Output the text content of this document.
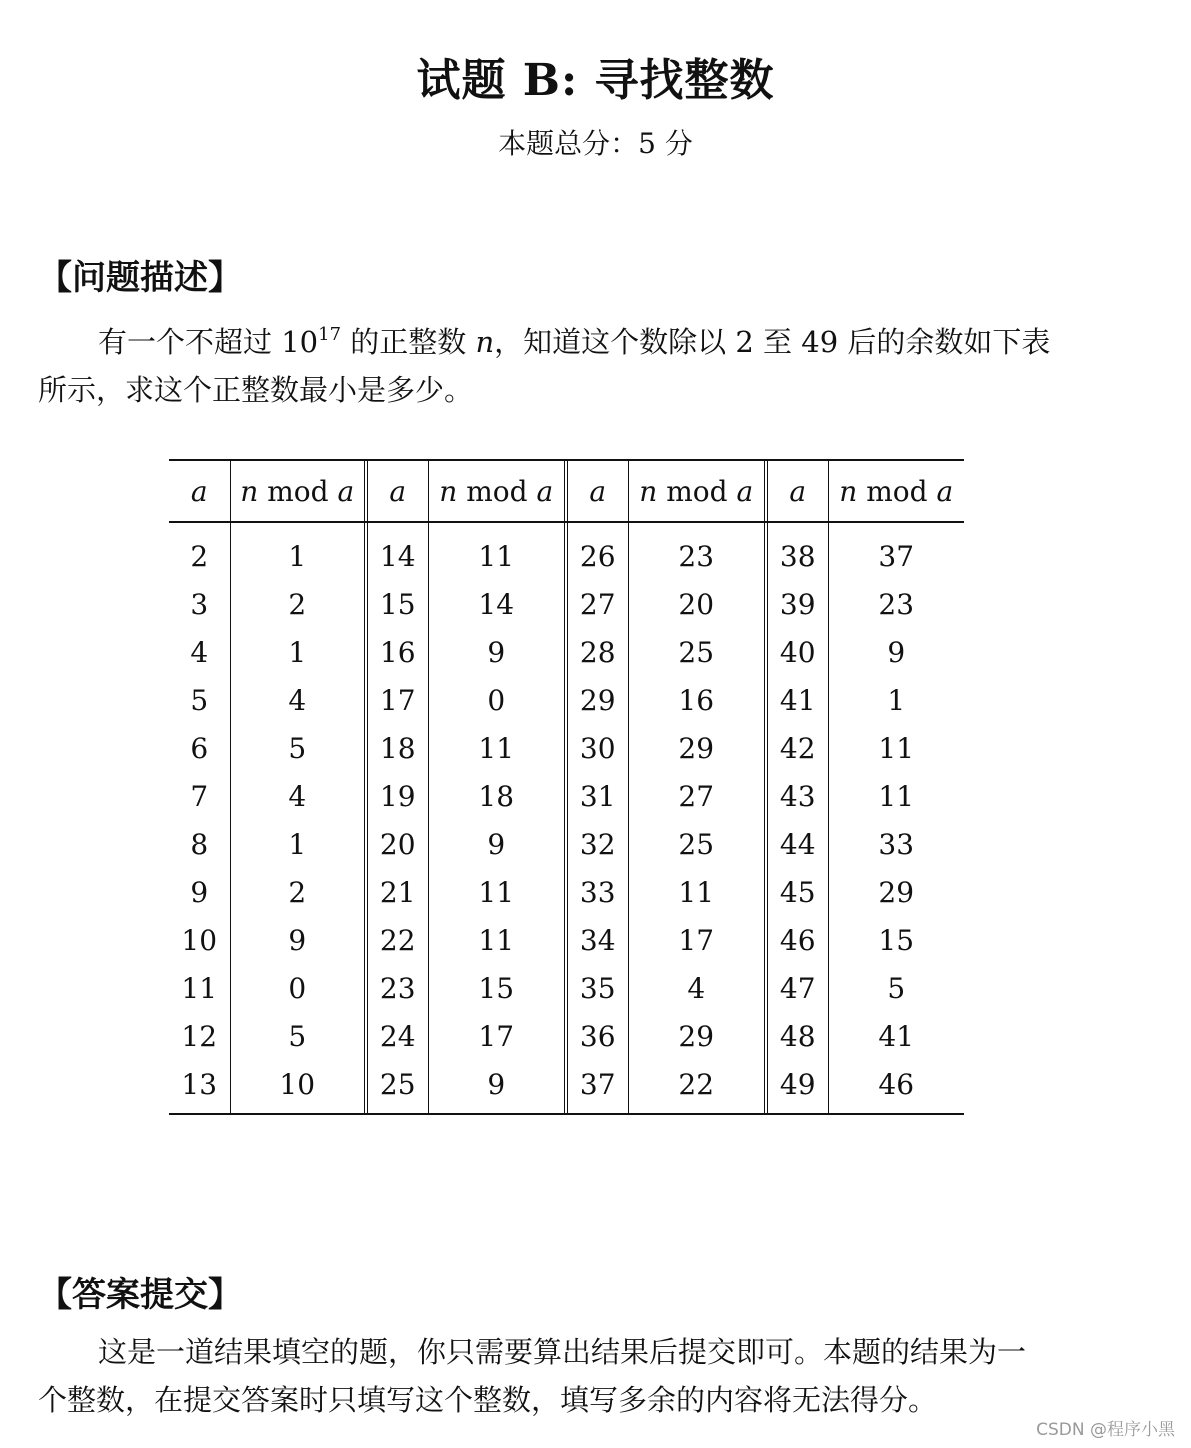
试题 B: 寻找整数
本题总分：5 分
【问题描述】
有一个不超过 $10^{17}$ 的正整数 n，知道这个数除以 2 至 49 后的余数如下表
所示，求这个正整数最小是多少。
a	n mod a	a	n mod a	a	n mod a	a	n mod a

2	1	14	11	26	23	38	37
3	2	15	14	27	20	39	23
4	1	16	9	28	25	40	9
5	4	17	0	29	16	41	1
6	5	18	11	30	29	42	11
7	4	19	18	31	27	43	11
8	1	20	9	32	25	44	33
9	2	21	11	33	11	45	29
10	9	22	11	34	17	46	15
11	0	23	15	35	4	47	5
12	5	24	17	36	29	48	41
13	10	25	9	37	22	49	46
【答案提交】
这是一道结果填空的题，你只需要算出结果后提交即可。本题的结果为一
个整数，在提交答案时只填写这个整数，填写多余的内容将无法得分。
CSDN @程序小黑
